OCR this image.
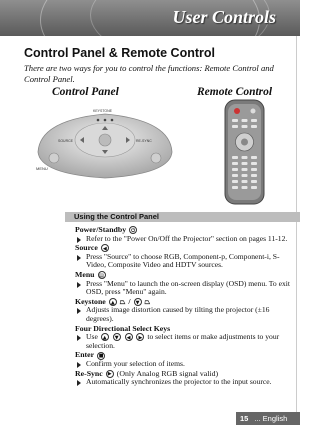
User Controls
Control Panel & Remote Control
There are two ways for you to control the functions: Remote Control and Control Panel.
Control Panel	Remote Control
MENU
SOURCE	RE-SYNC
KEYSTONE
Using the Control Panel
Power/Standby ⏻
Refer to the "Power On/Off the Projector" section on pages 11-12.
Source ◀
Press "Source" to choose RGB, Component-p, Component-i, S-Video, Composite Video and HDTV sources.
Menu ▤
Press "Menu" to launch the on-screen display (OSD) menu. To exit OSD, press "Menu" again.
Keystone ▲ ⏢ / ▼ ⏢
Adjusts image distortion caused by tilting the projector (±16 degrees).
Four Directional Select Keys
Use ▲
▼
◀
▶ to select items or make adjustments to your selection.
Enter ■
Confirm your selection of items.
Re-Sync ▶ (Only Analog RGB signal valid)
Automatically synchronizes the projector to the input source.
15 ... English
